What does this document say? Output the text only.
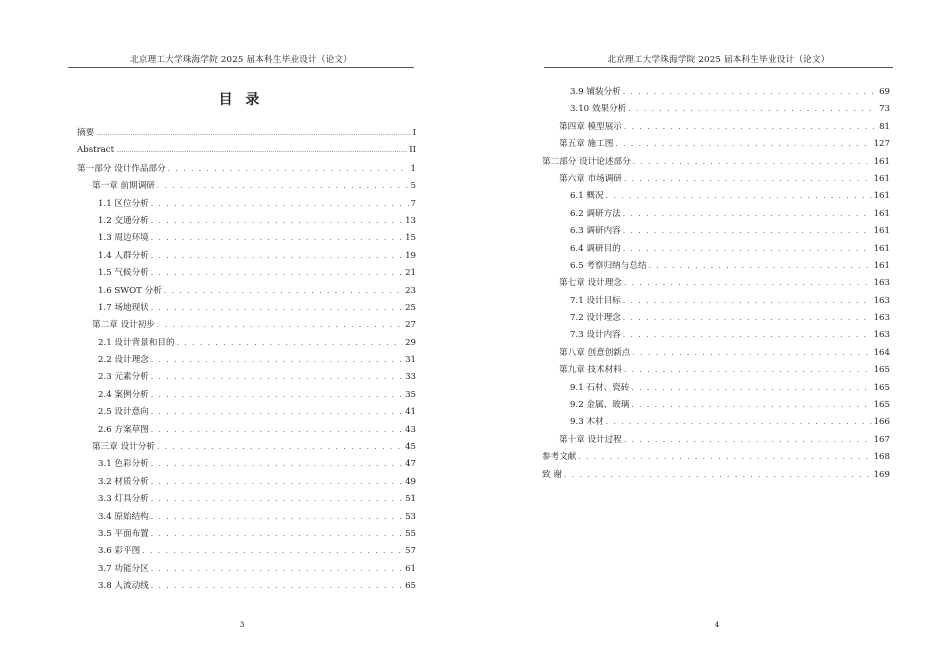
北京理工大学珠海学院 2025 届本科生毕业设计（论文）
目 录
摘要 .....	I
Abstract .....	II
第一部分 设计作品部分 . . .	1
第一章 前期调研 . . .	5
1.1 区位分析 . . .	7
1.2 交通分析 . . .	13
1.3 周边环境 . . .	15
1.4 人群分析 . . .	19
1.5 气候分析 . . .	21
1.6 SWOT 分析 . . .	23
1.7 场地现状 . . .	25
第二章 设计初步 . . .	27
2.1 设计背景和目的 . . .	29
2.2 设计理念 . . .	31
2.3 元素分析 . . .	33
2.4 案例分析 . . .	35
2.5 设计意向 . . .	41
2.6 方案草图 . . .	43
第三章 设计分析 . . .	45
3.1 色彩分析 . . .	47
3.2 材质分析 . . .	49
3.3 灯具分析 . . .	51
3.4 原始结构 . . .	53
3.5 平面布置 . . .	55
3.6 彩平图 . . .	57
3.7 功能分区 . . .	61
3.8 人流动线 . . .	65
3
北京理工大学珠海学院 2025 届本科生毕业设计（论文）
3.9 铺装分析 . . .	69
3.10 效果分析 . . .	73
第四章 模型展示 . . .	81
第五章 施工图 . . .	127
第二部分 设计论述部分 . . .	161
第六章 市场调研 . . .	161
6.1 概况 . . .	161
6.2 调研方法 . . .	161
6.3 调研内容 . . .	161
6.4 调研目的 . . .	161
6.5 考察归纳与总结 . . .	161
第七章 设计理念 . . .	163
7.1 设计目标 . . .	163
7.2 设计理念 . . .	163
7.3 设计内容 . . .	163
第八章 创意创新点 . . .	164
第九章 技术材料 . . .	165
9.1 石材、瓷砖 . . .	165
9.2 金属、玻璃 . . .	165
9.3 木材 . . .	166
第十章 设计过程 . . .	167
参考文献 . . .	168
致 谢 . . .	169
4
